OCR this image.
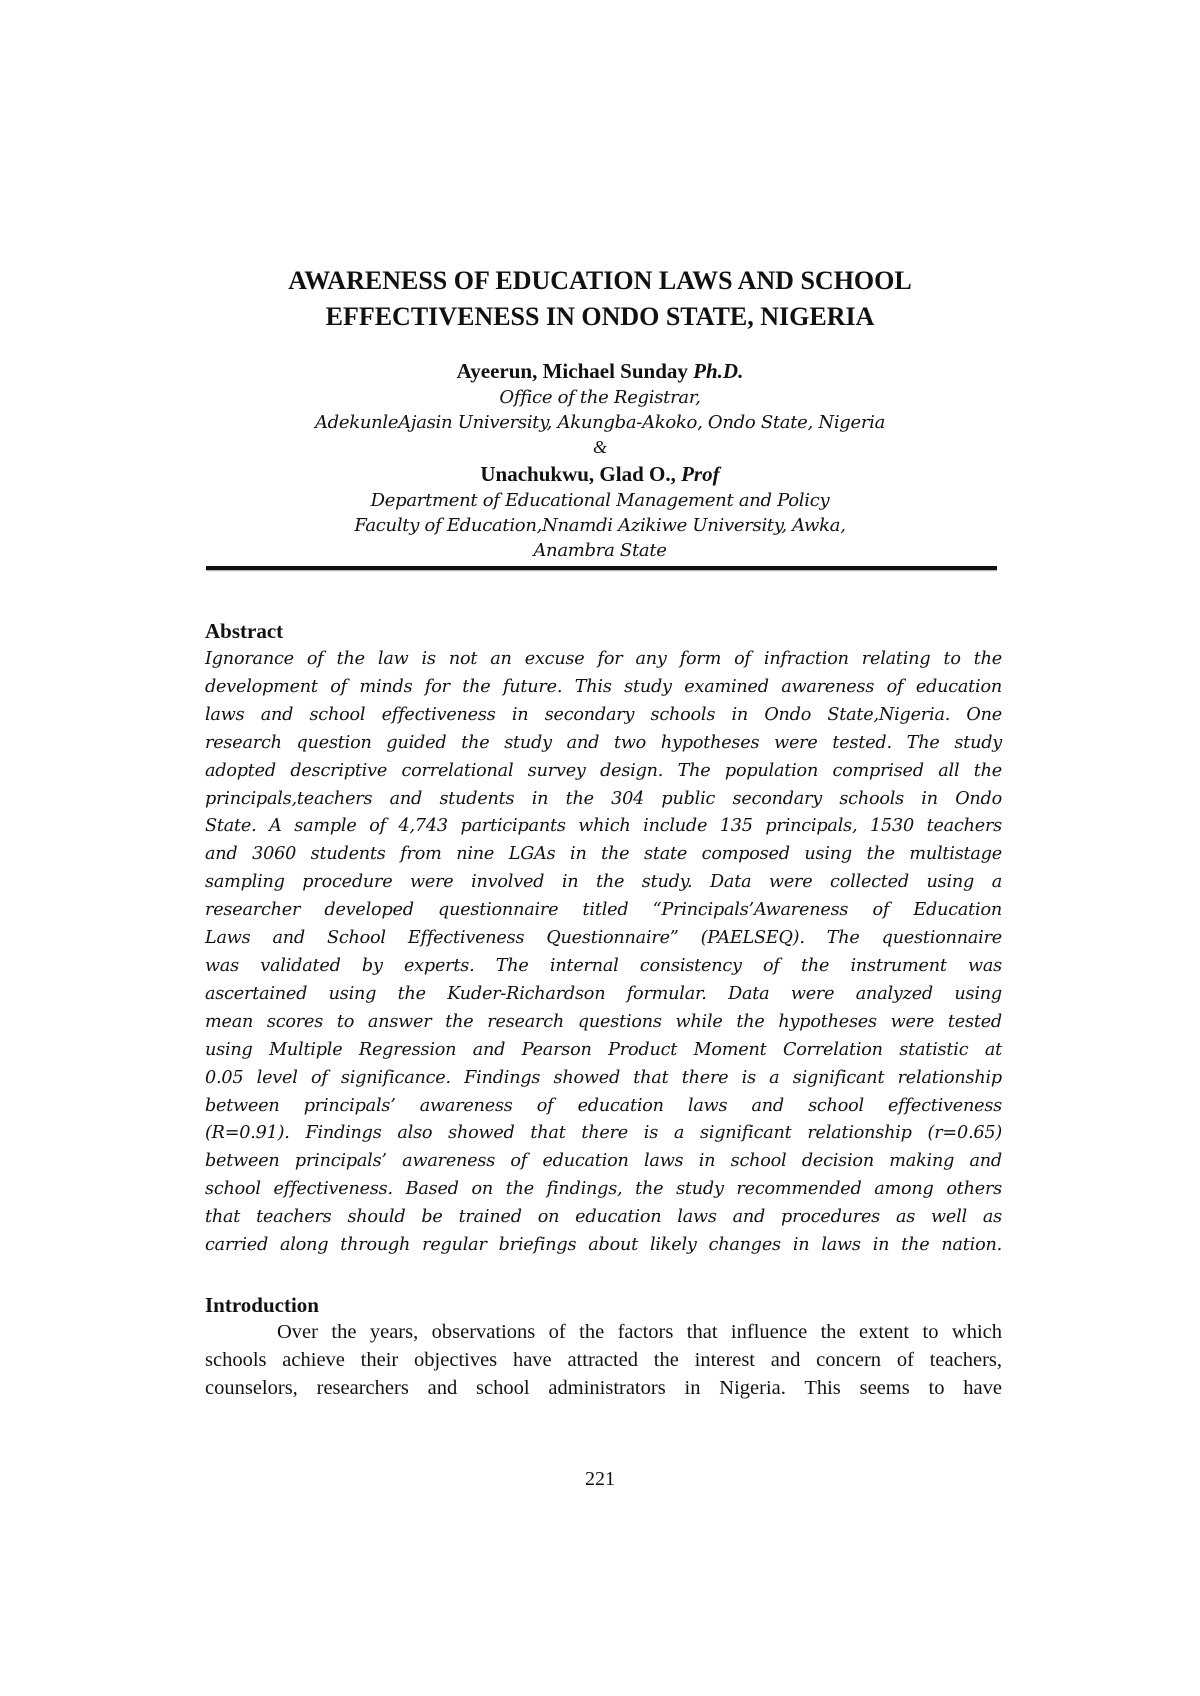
AWARENESS OF EDUCATION LAWS AND SCHOOL
EFFECTIVENESS IN ONDO STATE, NIGERIA
Ayeerun, Michael Sunday Ph.D.
Office of the Registrar,
AdekunleAjasin University, Akungba-Akoko, Ondo State, Nigeria
&
Unachukwu, Glad O., Prof
Department of Educational Management and Policy
Faculty of Education,Nnamdi Azikiwe University, Awka,
Anambra State
Abstract

Ignorance of the law is not an excuse for any form of infraction relating to the
development of minds for the future. This study examined awareness of education
laws and school effectiveness in secondary schools in Ondo State,Nigeria. One
research question guided the study and two hypotheses were tested. The study
adopted descriptive correlational survey design. The population comprised all the
principals,teachers and students in the 304 public secondary schools in Ondo
State. A sample of 4,743 participants which include 135 principals, 1530 teachers
and 3060 students from nine LGAs in the state composed using the multistage
sampling procedure were involved in the study. Data were collected using a
researcher developed questionnaire titled “Principals’Awareness of Education
Laws and School Effectiveness Questionnaire” (PAELSEQ). The questionnaire
was validated by experts. The internal consistency of the instrument was
ascertained using the Kuder-Richardson formular. Data were analyzed using
mean scores to answer the research questions while the hypotheses were tested
using Multiple Regression and Pearson Product Moment Correlation statistic at
0.05 level of significance. Findings showed that there is a significant relationship
between principals’ awareness of education laws and school effectiveness
(R=0.91). Findings also showed that there is a significant relationship (r=0.65)
between principals’ awareness of education laws in school decision making and
school effectiveness. Based on the findings, the study recommended among others
that teachers should be trained on education laws and procedures as well as
carried along through regular briefings about likely changes in laws in the nation.

Introduction

Over the years, observations of the factors that influence the extent to which
schools achieve their objectives have attracted the interest and concern of teachers,
counselors, researchers and school administrators in Nigeria. This seems to have

221
